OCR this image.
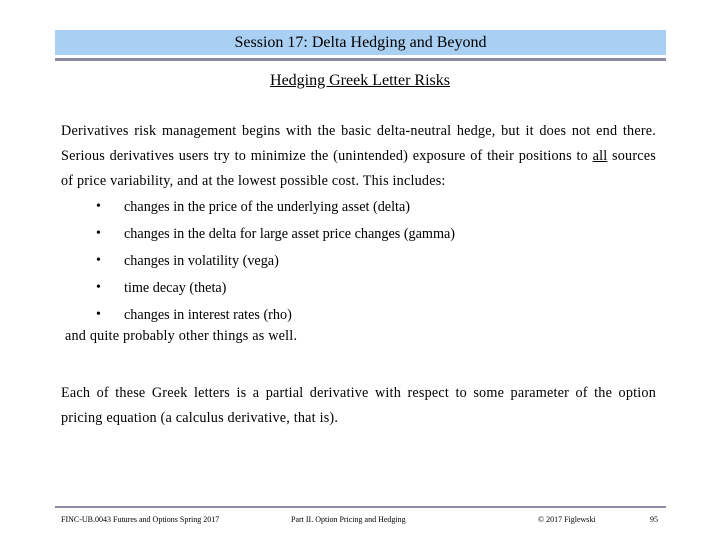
Session 17: Delta Hedging and Beyond
Hedging Greek Letter Risks
Derivatives risk management begins with the basic delta-neutral hedge, but it does not end there. Serious derivatives users try to minimize the (unintended) exposure of their positions to all sources of price variability, and at the lowest possible cost. This includes:
•	changes in the price of the underlying asset (delta)
•	changes in the delta for large asset price changes (gamma)
•	changes in volatility (vega)
•	time decay (theta)
•	changes in interest rates (rho)
and quite probably other things as well.
Each of these Greek letters is a partial derivative with respect to some parameter of the option pricing equation (a calculus derivative, that is).
FINC-UB.0043 Futures and Options Spring 2017	Part II. Option Pricing and Hedging	© 2017 Figlewski	95
